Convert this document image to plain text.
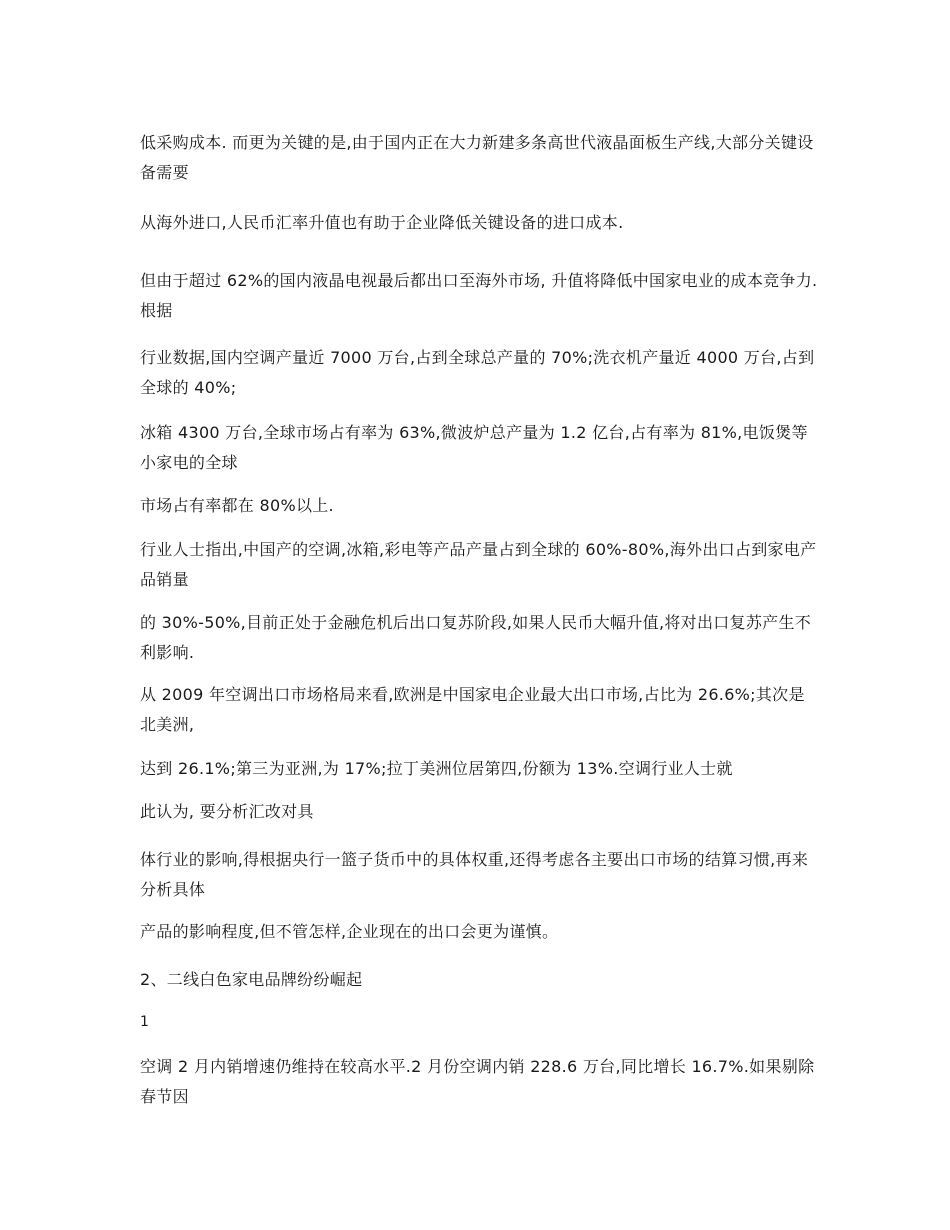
低采购成本. 而更为关键的是,由于国内正在大力新建多条高世代液晶面板生产线,大部分关键设备需要

从海外进口,人民币汇率升值也有助于企业降低关键设备的进口成本.

但由于超过 62%的国内液晶电视最后都出口至海外市场, 升值将降低中国家电业的成本竞争力.根据

行业数据,国内空调产量近 7000 万台,占到全球总产量的 70%;洗衣机产量近 4000 万台,占到全球的 40%;

冰箱 4300 万台,全球市场占有率为 63%,微波炉总产量为 1.2 亿台,占有率为 81%,电饭煲等小家电的全球

市场占有率都在 80%以上.

行业人士指出,中国产的空调,冰箱,彩电等产品产量占到全球的 60%-80%,海外出口占到家电产品销量

的 30%-50%,目前正处于金融危机后出口复苏阶段,如果人民币大幅升值,将对出口复苏产生不利影响.

从 2009 年空调出口市场格局来看,欧洲是中国家电企业最大出口市场,占比为 26.6%;其次是北美洲,

达到 26.1%;第三为亚洲,为 17%;拉丁美洲位居第四,份额为 13%.空调行业人士就

此认为, 要分析汇改对具

体行业的影响,得根据央行一篮子货币中的具体权重,还得考虑各主要出口市场的结算习惯,再来分析具体

产品的影响程度,但不管怎样,企业现在的出口会更为谨慎。

2、二线白色家电品牌纷纷崛起

1

空调 2 月内销增速仍维持在较高水平.2 月份空调内销 228.6 万台,同比增长 16.7%.如果剔除春节因
